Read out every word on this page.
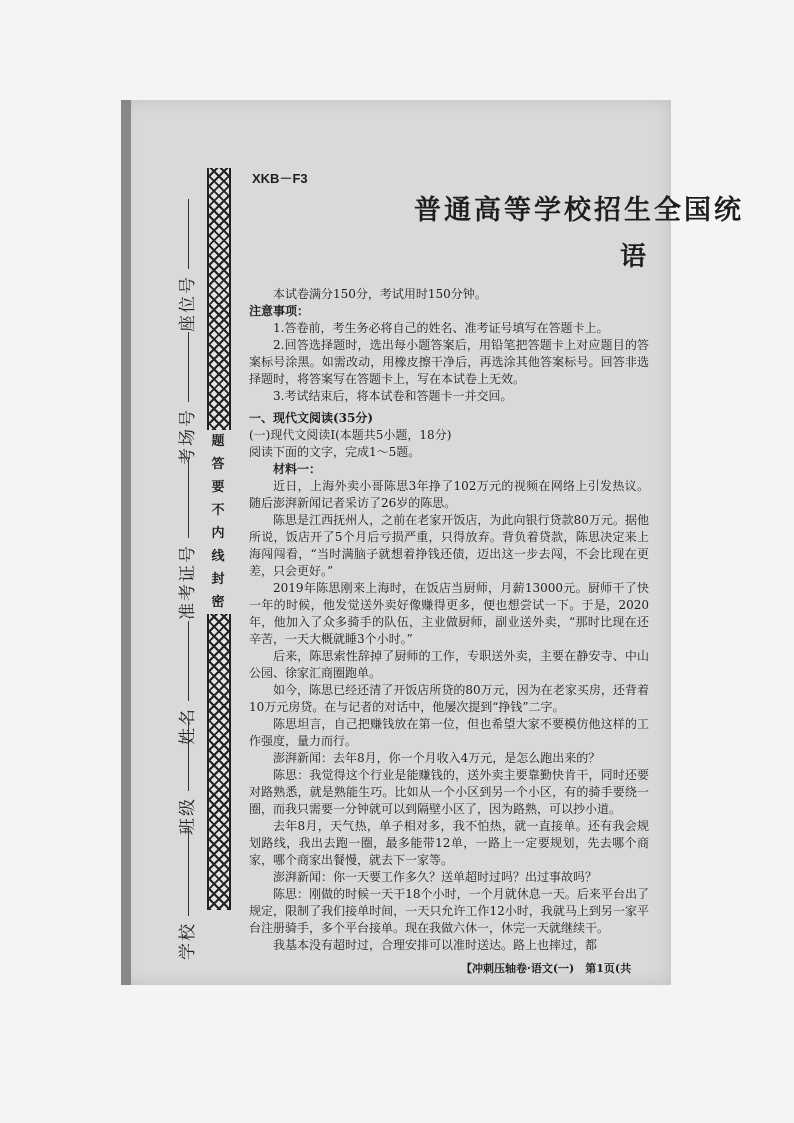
座位号
考场号
准考证号
姓名
班级
学校
题
答
要
不
内
线
封
密
XKB－F3
普通高等学校招生全国统
语

本试卷满分150分，考试用时150分钟。

注意事项：

1.答卷前，考生务必将自己的姓名、准考证号填写在答题卡上。

2.回答选择题时，选出每小题答案后，用铅笔把答题卡上对应题目的答案标号涂黑。如需改动，用橡皮擦干净后，再选涂其他答案标号。回答非选择题时，将答案写在答题卡上，写在本试卷上无效。

3.考试结束后，将本试卷和答题卡一并交回。

一、现代文阅读(35分)

(一)现代文阅读Ⅰ(本题共5小题，18分)

阅读下面的文字，完成1～5题。

材料一：

近日，上海外卖小哥陈思3年挣了102万元的视频在网络上引发热议。随后澎湃新闻记者采访了26岁的陈思。

陈思是江西抚州人，之前在老家开饭店，为此向银行贷款80万元。据他所说，饭店开了5个月后亏损严重，只得放弃。背负着贷款，陈思决定来上海闯闯看，“当时满脑子就想着挣钱还债，迈出这一步去闯，不会比现在更差，只会更好。”

2019年陈思刚来上海时，在饭店当厨师，月薪13000元。厨师干了快一年的时候，他发觉送外卖好像赚得更多，便也想尝试一下。于是，2020年，他加入了众多骑手的队伍，主业做厨师，副业送外卖，“那时比现在还辛苦，一天大概就睡3个小时。”

后来，陈思索性辞掉了厨师的工作，专职送外卖，主要在静安寺、中山公园、徐家汇商圈跑单。

如今，陈思已经还清了开饭店所贷的80万元，因为在老家买房，还背着10万元房贷。在与记者的对话中，他屡次提到“挣钱”二字。

陈思坦言，自己把赚钱放在第一位，但也希望大家不要模仿他这样的工作强度，量力而行。

澎湃新闻：去年8月，你一个月收入4万元，是怎么跑出来的？

陈思：我觉得这个行业是能赚钱的，送外卖主要靠勤快肯干，同时还要对路熟悉，就是熟能生巧。比如从一个小区到另一个小区，有的骑手要绕一圈，而我只需要一分钟就可以到隔壁小区了，因为路熟，可以抄小道。

去年8月，天气热，单子相对多，我不怕热，就一直接单。还有我会规划路线，我出去跑一圈，最多能带12单，一路上一定要规划，先去哪个商家，哪个商家出餐慢，就去下一家等。

澎湃新闻：你一天要工作多久？送单超时过吗？出过事故吗？

陈思：刚做的时候一天干18个小时，一个月就休息一天。后来平台出了规定，限制了我们接单时间，一天只允许工作12小时，我就马上到另一家平台注册骑手，多个平台接单。现在我做六休一，休完一天就继续干。

我基本没有超时过，合理安排可以准时送达。路上也摔过，都

【冲刺压轴卷·语文(一)　第1页(共
